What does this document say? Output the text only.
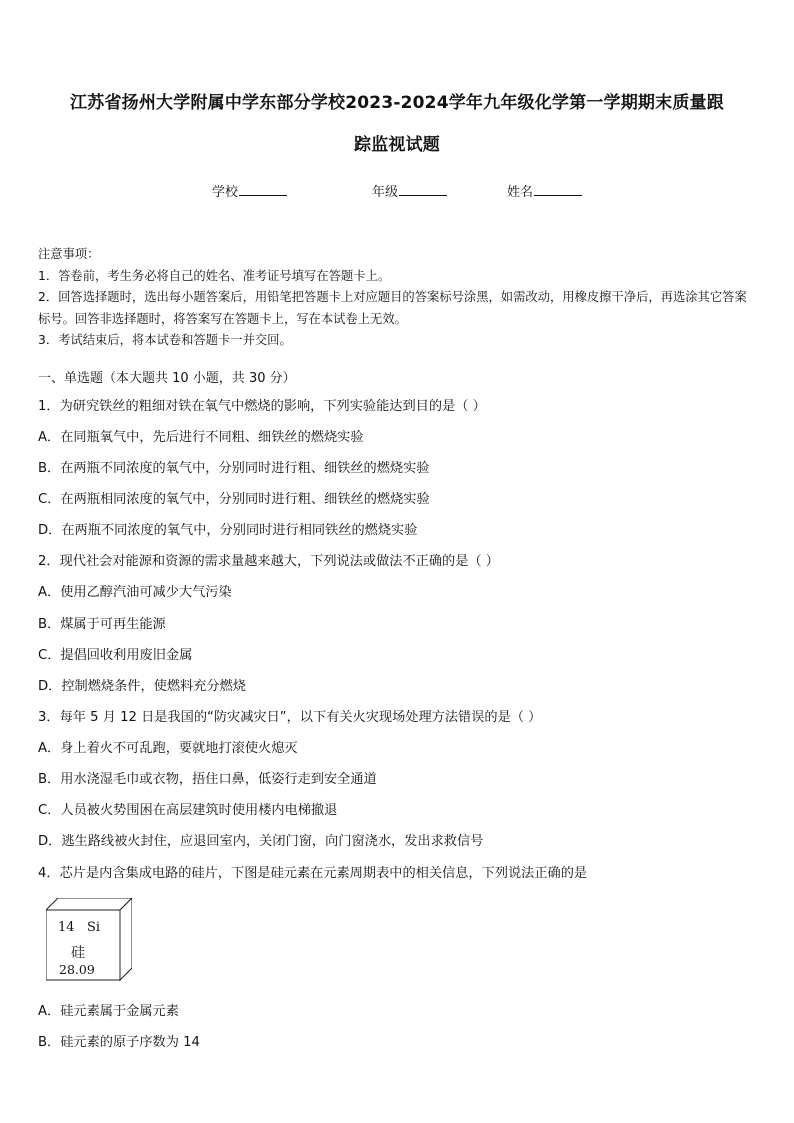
江苏省扬州大学附属中学东部分学校2023-2024学年九年级化学第一学期期末质量跟
踪监视试题
学校	年级	姓名
注意事项：
1．答卷前，考生务必将自己的姓名、准考证号填写在答题卡上。
2．回答选择题时，选出每小题答案后，用铅笔把答题卡上对应题目的答案标号涂黑，如需改动，用橡皮擦干净后，再选涂其它答案标号。回答非选择题时，将答案写在答题卡上，写在本试卷上无效。
3．考试结束后，将本试卷和答题卡一并交回。
一、单选题（本大题共 10 小题，共 30 分）
1．为研究铁丝的粗细对铁在氧气中燃烧的影响，下列实验能达到目的是（ ）
A．在同瓶氧气中，先后进行不同粗、细铁丝的燃烧实验
B．在两瓶不同浓度的氧气中，分别同时进行粗、细铁丝的燃烧实验
C．在两瓶相同浓度的氧气中，分别同时进行粗、细铁丝的燃烧实验
D．在两瓶不同浓度的氧气中，分别同时进行相同铁丝的燃烧实验
2．现代社会对能源和资源的需求量越来越大，下列说法或做法不正确的是（ ）
A．使用乙醇汽油可减少大气污染
B．煤属于可再生能源
C．提倡回收利用废旧金属
D．控制燃烧条件，使燃料充分燃烧
3．每年 5 月 12 日是我国的“防灾减灾日”，以下有关火灾现场处理方法错误的是（ ）
A．身上着火不可乱跑，要就地打滚使火熄灭
B．用水浇湿毛巾或衣物，捂住口鼻，低姿行走到安全通道
C．人员被火势围困在高层建筑时使用楼内电梯撤退
D．逃生路线被火封住，应退回室内，关闭门窗，向门窗浇水，发出求救信号
4．芯片是内含集成电路的硅片，下图是硅元素在元素周期表中的相关信息，下列说法正确的是
14 Si
硅
28.09
A．硅元素属于金属元素
B．硅元素的原子序数为 14
